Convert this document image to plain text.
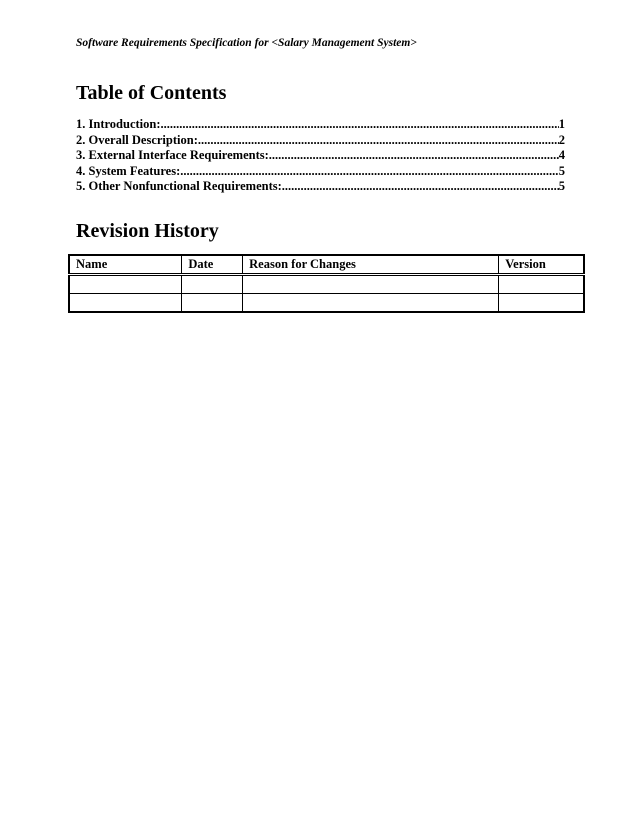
Software Requirements Specification for <Salary Management System>
Table of Contents
1. Introduction: .....	1
2. Overall Description: .....	2
3. External Interface Requirements: .....	4
4. System Features: .....	5
5. Other Nonfunctional Requirements: .....	5
Revision History
Name	Date	Reason for Changes	Version
